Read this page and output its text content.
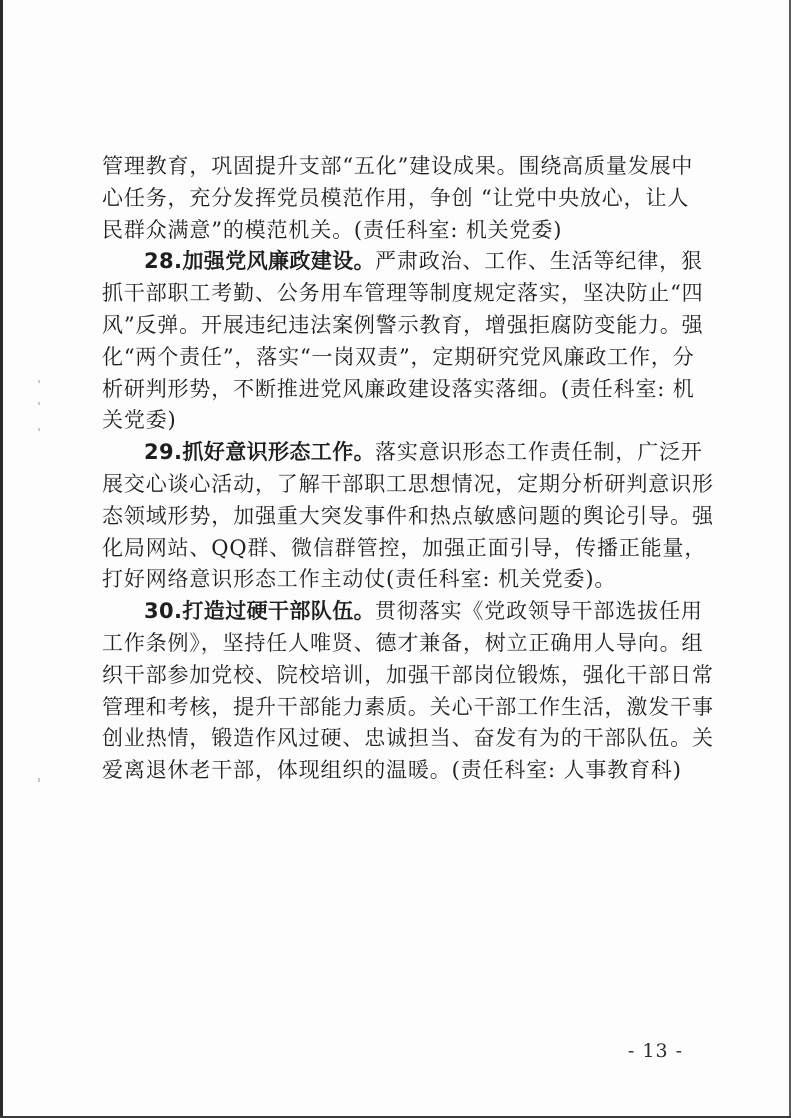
管理教育，巩固提升支部“五化”建设成果。围绕高质量发展中
心任务，充分发挥党员模范作用，争创 “让党中央放心，让人
民群众满意”的模范机关。(责任科室: 机关党委)
28.加强党风廉政建设。严肃政治、工作、生活等纪律，狠
抓干部职工考勤、公务用车管理等制度规定落实，坚决防止“四
风”反弹。开展违纪违法案例警示教育，增强拒腐防变能力。强
化“两个责任”，落实“一岗双责”，定期研究党风廉政工作，分
析研判形势，不断推进党风廉政建设落实落细。(责任科室: 机
关党委)
29.抓好意识形态工作。落实意识形态工作责任制，广泛开
展交心谈心活动，了解干部职工思想情况，定期分析研判意识形
态领域形势，加强重大突发事件和热点敏感问题的舆论引导。强
化局网站、QQ群、微信群管控，加强正面引导，传播正能量，
打好网络意识形态工作主动仗(责任科室: 机关党委)。
30.打造过硬干部队伍。贯彻落实《党政领导干部选拔任用
工作条例》，坚持任人唯贤、德才兼备，树立正确用人导向。组
织干部参加党校、院校培训，加强干部岗位锻炼，强化干部日常
管理和考核，提升干部能力素质。关心干部工作生活，激发干事
创业热情，锻造作风过硬、忠诚担当、奋发有为的干部队伍。关
爱离退休老干部，体现组织的温暖。(责任科室: 人事教育科)
- 13 -
